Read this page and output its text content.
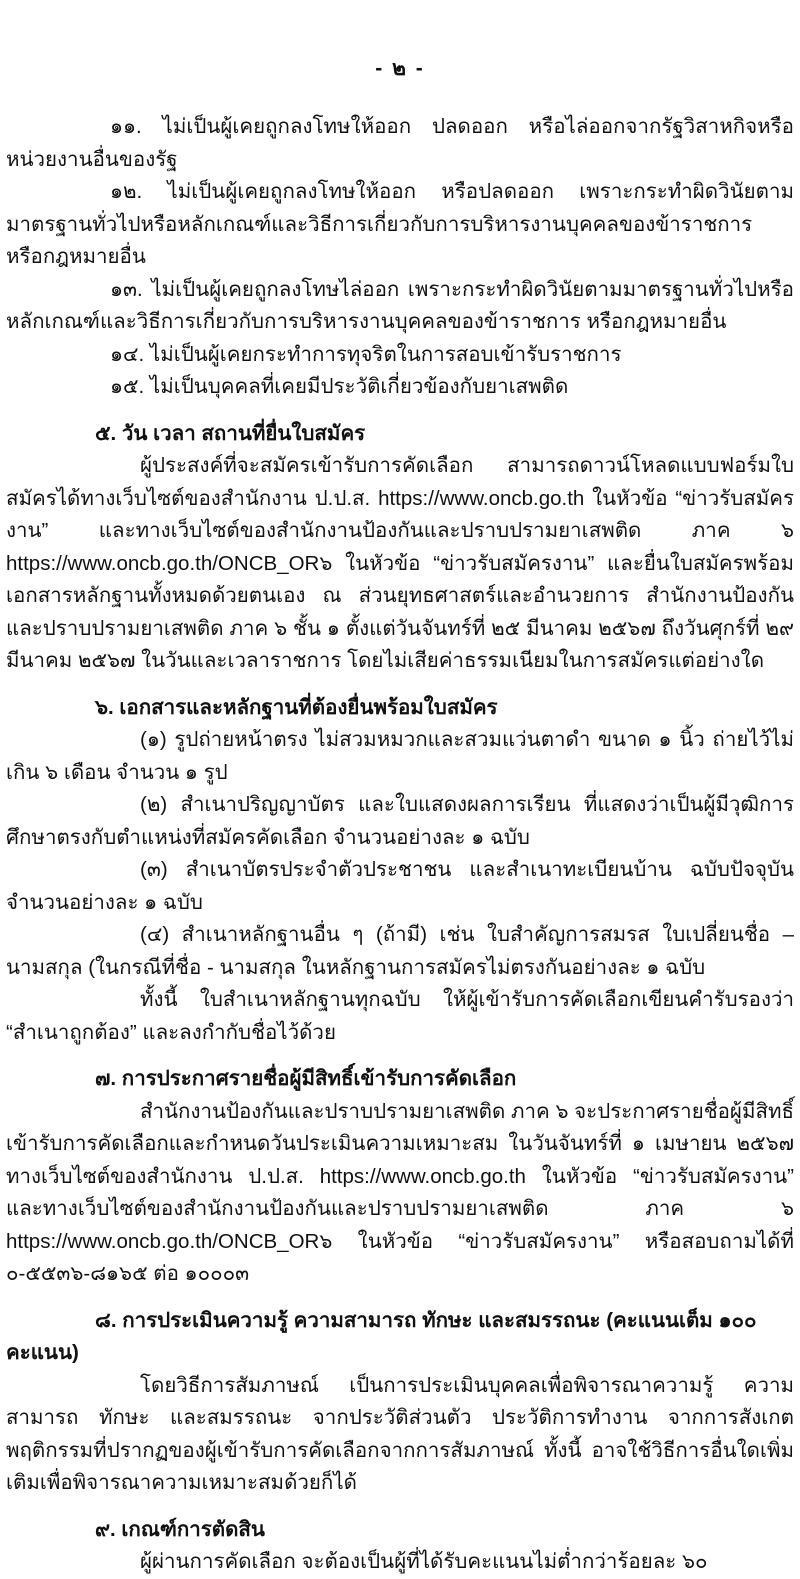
- ๒ -

๑๑. ไม่เป็นผู้เคยถูกลงโทษให้ออก ปลดออก หรือไล่ออกจากรัฐวิสาหกิจหรือหน่วยงานอื่นของรัฐ

๑๒. ไม่เป็นผู้เคยถูกลงโทษให้ออก หรือปลดออก เพราะกระทำผิดวินัยตามมาตรฐานทั่วไปหรือหลักเกณฑ์และวิธีการเกี่ยวกับการบริหารงานบุคคลของข้าราชการ หรือกฎหมายอื่น

๑๓. ไม่เป็นผู้เคยถูกลงโทษไล่ออก เพราะกระทำผิดวินัยตามมาตรฐานทั่วไปหรือหลักเกณฑ์และวิธีการเกี่ยวกับการบริหารงานบุคคลของข้าราชการ หรือกฎหมายอื่น

๑๔. ไม่เป็นผู้เคยกระทำการทุจริตในการสอบเข้ารับราชการ

๑๕. ไม่เป็นบุคคลที่เคยมีประวัติเกี่ยวข้องกับยาเสพติด

๕. วัน เวลา สถานที่ยื่นใบสมัคร

ผู้ประสงค์ที่จะสมัครเข้ารับการคัดเลือก สามารถดาวน์โหลดแบบฟอร์มใบสมัครได้ทางเว็บไซต์ของสำนักงาน ป.ป.ส. https://www.oncb.go.th ในหัวข้อ “ข่าวรับสมัครงาน” และทางเว็บไซต์ของสำนักงานป้องกันและปราบปรามยาเสพติด ภาค ๖ https://www.oncb.go.th/ONCB_OR๖ ในหัวข้อ “ข่าวรับสมัครงาน” และยื่นใบสมัครพร้อมเอกสารหลักฐานทั้งหมดด้วยตนเอง ณ ส่วนยุทธศาสตร์และอำนวยการ สำนักงานป้องกันและปราบปรามยาเสพติด ภาค ๖ ชั้น ๑ ตั้งแต่วันจันทร์ที่ ๒๕ มีนาคม ๒๕๖๗ ถึงวันศุกร์ที่ ๒๙ มีนาคม ๒๕๖๗ ในวันและเวลาราชการ โดยไม่เสียค่าธรรมเนียมในการสมัครแต่อย่างใด

๖. เอกสารและหลักฐานที่ต้องยื่นพร้อมใบสมัคร

(๑) รูปถ่ายหน้าตรง ไม่สวมหมวกและสวมแว่นตาดำ ขนาด ๑ นิ้ว ถ่ายไว้ไม่เกิน ๖ เดือน จำนวน ๑ รูป

(๒) สำเนาปริญญาบัตร และใบแสดงผลการเรียน ที่แสดงว่าเป็นผู้มีวุฒิการศึกษาตรงกับตำแหน่งที่สมัครคัดเลือก จำนวนอย่างละ ๑ ฉบับ

(๓) สำเนาบัตรประจำตัวประชาชน และสำเนาทะเบียนบ้าน ฉบับปัจจุบัน จำนวนอย่างละ ๑ ฉบับ

(๔) สำเนาหลักฐานอื่น ๆ (ถ้ามี) เช่น ใบสำคัญการสมรส ใบเปลี่ยนชื่อ – นามสกุล (ในกรณีที่ชื่อ - นามสกุล ในหลักฐานการสมัครไม่ตรงกันอย่างละ ๑ ฉบับ

ทั้งนี้ ใบสำเนาหลักฐานทุกฉบับ ให้ผู้เข้ารับการคัดเลือกเขียนคำรับรองว่า “สำเนาถูกต้อง” และลงกำกับชื่อไว้ด้วย

๗. การประกาศรายชื่อผู้มีสิทธิ์เข้ารับการคัดเลือก

สำนักงานป้องกันและปราบปรามยาเสพติด ภาค ๖ จะประกาศรายชื่อผู้มีสิทธิ์เข้ารับการคัดเลือกและกำหนดวันประเมินความเหมาะสม ในวันจันทร์ที่ ๑ เมษายน ๒๕๖๗ ทางเว็บไซต์ของสำนักงาน ป.ป.ส. https://www.oncb.go.th ในหัวข้อ “ข่าวรับสมัครงาน” และทางเว็บไซต์ของสำนักงานป้องกันและปราบปรามยาเสพติด ภาค ๖ https://www.oncb.go.th/ONCB_OR๖ ในหัวข้อ “ข่าวรับสมัครงาน” หรือสอบถามได้ที่ ๐-๕๕๓๖-๘๑๖๕ ต่อ ๑๐๐๐๓

๘. การประเมินความรู้ ความสามารถ ทักษะ และสมรรถนะ (คะแนนเต็ม ๑๐๐ คะแนน)

โดยวิธีการสัมภาษณ์ เป็นการประเมินบุคคลเพื่อพิจารณาความรู้ ความสามารถ ทักษะ และสมรรถนะ จากประวัติส่วนตัว ประวัติการทำงาน จากการสังเกตพฤติกรรมที่ปรากฏของผู้เข้ารับการคัดเลือกจากการสัมภาษณ์ ทั้งนี้ อาจใช้วิธีการอื่นใดเพิ่มเติมเพื่อพิจารณาความเหมาะสมด้วยก็ได้

๙. เกณฑ์การตัดสิน

ผู้ผ่านการคัดเลือก จะต้องเป็นผู้ที่ได้รับคะแนนไม่ต่ำกว่าร้อยละ ๖๐
